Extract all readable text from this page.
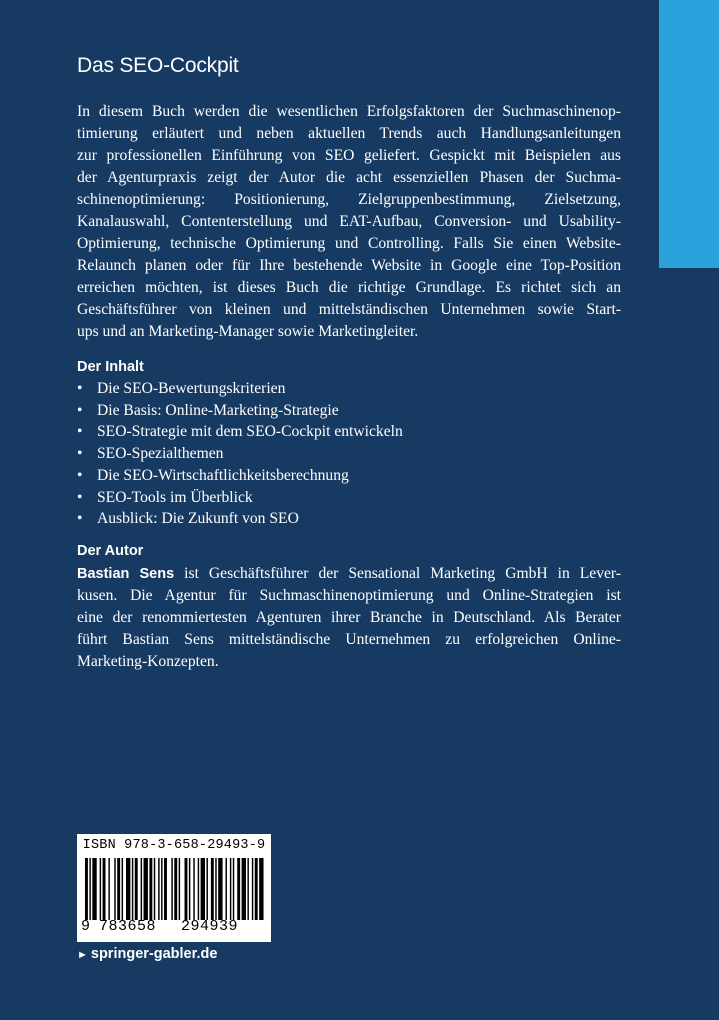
Das SEO-Cockpit

In diesem Buch werden die wesentlichen Erfolgsfaktoren der Suchmaschinenop-
timierung erläutert und neben aktuellen Trends auch Handlungsanleitungen
zur professionellen Einführung von SEO geliefert. Gespickt mit Beispielen aus
der Agenturpraxis zeigt der Autor die acht essenziellen Phasen der Suchma-
schinenoptimierung: Positionierung, Zielgruppenbestimmung, Zielsetzung,
Kanalauswahl, Contenterstellung und EAT-Aufbau, Conversion- und Usability-
Optimierung, technische Optimierung und Controlling. Falls Sie einen Website-
Relaunch planen oder für Ihre bestehende Website in Google eine Top-Position
erreichen möchten, ist dieses Buch die richtige Grundlage. Es richtet sich an
Geschäftsführer von kleinen und mittelständischen Unternehmen sowie Start-
ups und an Marketing-Manager sowie Marketingleiter.

Der Inhalt
• Die SEO-Bewertungskriterien
• Die Basis: Online-Marketing-Strategie
• SEO-Strategie mit dem SEO-Cockpit entwickeln
• SEO-Spezialthemen
• Die SEO-Wirtschaftlichkeitsberechnung
• SEO-Tools im Überblick
• Ausblick: Die Zukunft von SEO
Der Autor

Bastian Sens ist Geschäftsführer der Sensational Marketing GmbH in Lever-
kusen. Die Agentur für Suchmaschinenoptimierung und Online-Strategien ist
eine der renommiertesten Agenturen ihrer Branche in Deutschland. Als Berater
führt Bastian Sens mittelständische Unternehmen zu erfolgreichen Online-
Marketing-Konzepten.

ISBN 978-3-658-29493-9
9 783658 294939
► springer-gabler.de
